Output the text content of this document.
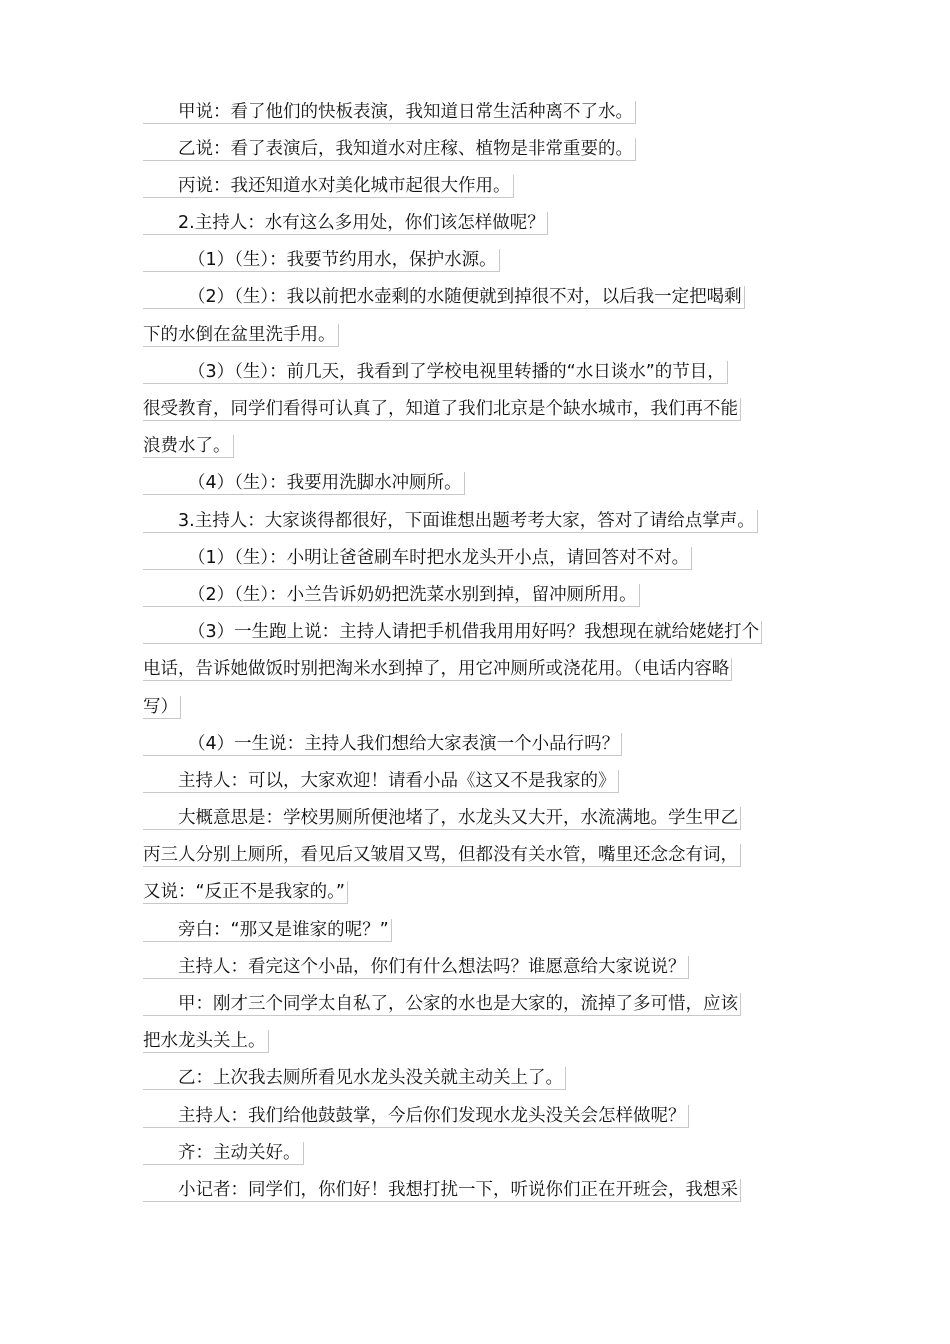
甲说：看了他们的快板表演，我知道日常生活种离不了水。
乙说：看了表演后，我知道水对庄稼、植物是非常重要的。
丙说：我还知道水对美化城市起很大作用。
2.主持人：水有这么多用处，你们该怎样做呢？
（1）（生）：我要节约用水，保护水源。
（2）（生）：我以前把水壶剩的水随便就到掉很不对，以后我一定把喝剩
下的水倒在盆里洗手用。
（3）（生）：前几天，我看到了学校电视里转播的“水日谈水”的节目，
很受教育，同学们看得可认真了，知道了我们北京是个缺水城市，我们再不能
浪费水了。
（4）（生）：我要用洗脚水冲厕所。
3.主持人：大家谈得都很好，下面谁想出题考考大家，答对了请给点掌声。
（1）（生）：小明让爸爸刷车时把水龙头开小点，请回答对不对。
（2）（生）：小兰告诉奶奶把洗菜水别到掉，留冲厕所用。
（3）一生跑上说：主持人请把手机借我用用好吗？我想现在就给姥姥打个
电话，告诉她做饭时别把淘米水到掉了，用它冲厕所或浇花用。（电话内容略
写）
（4）一生说：主持人我们想给大家表演一个小品行吗？
主持人：可以，大家欢迎！请看小品《这又不是我家的》
大概意思是：学校男厕所便池堵了，水龙头又大开，水流满地。学生甲乙
丙三人分别上厕所，看见后又皱眉又骂，但都没有关水管，嘴里还念念有词，
又说：“反正不是我家的。”
旁白：“那又是谁家的呢？”
主持人：看完这个小品，你们有什么想法吗？谁愿意给大家说说？
甲：刚才三个同学太自私了，公家的水也是大家的，流掉了多可惜，应该
把水龙头关上。
乙：上次我去厕所看见水龙头没关就主动关上了。
主持人：我们给他鼓鼓掌，今后你们发现水龙头没关会怎样做呢？
齐：主动关好。
小记者：同学们，你们好！我想打扰一下，听说你们正在开班会，我想采
